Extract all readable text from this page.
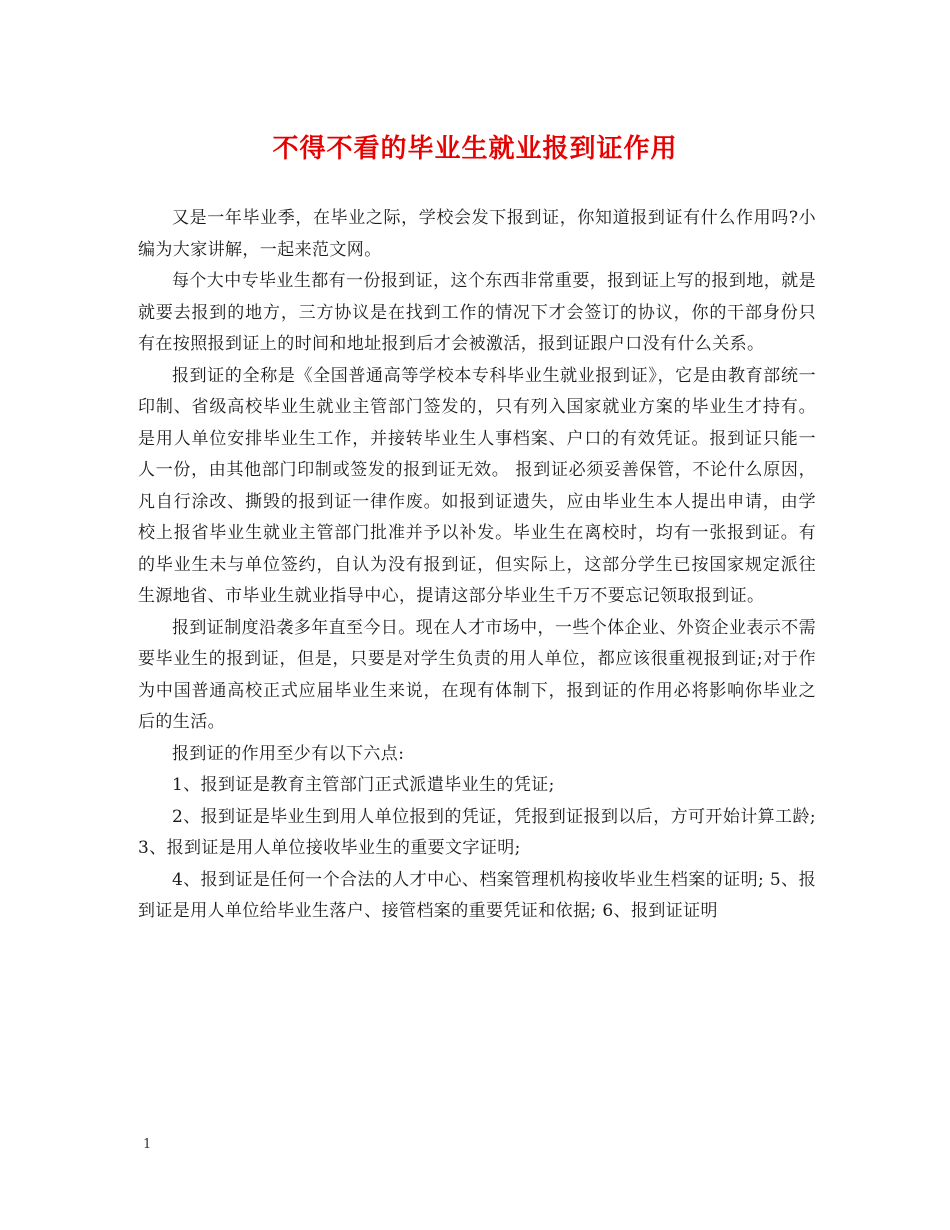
不得不看的毕业生就业报到证作用

又是一年毕业季，在毕业之际，学校会发下报到证，你知道报到证有什么作用吗?小编为大家讲解，一起来范文网。

每个大中专毕业生都有一份报到证，这个东西非常重要，报到证上写的报到地，就是就要去报到的地方，三方协议是在找到工作的情况下才会签订的协议，你的干部身份只有在按照报到证上的时间和地址报到后才会被激活，报到证跟户口没有什么关系。

报到证的全称是《全国普通高等学校本专科毕业生就业报到证》，它是由教育部统一印制、省级高校毕业生就业主管部门签发的，只有列入国家就业方案的毕业生才持有。是用人单位安排毕业生工作，并接转毕业生人事档案、户口的有效凭证。报到证只能一人一份，由其他部门印制或签发的报到证无效。 报到证必须妥善保管，不论什么原因，凡自行涂改、撕毁的报到证一律作废。如报到证遗失，应由毕业生本人提出申请，由学校上报省毕业生就业主管部门批准并予以补发。毕业生在离校时，均有一张报到证。有的毕业生未与单位签约，自认为没有报到证，但实际上，这部分学生已按国家规定派往生源地省、市毕业生就业指导中心，提请这部分毕业生千万不要忘记领取报到证。

报到证制度沿袭多年直至今日。现在人才市场中，一些个体企业、外资企业表示不需要毕业生的报到证，但是，只要是对学生负责的用人单位，都应该很重视报到证;对于作为中国普通高校正式应届毕业生来说，在现有体制下，报到证的作用必将影响你毕业之后的生活。

报到证的作用至少有以下六点:

1、报到证是教育主管部门正式派遣毕业生的凭证;

2、报到证是毕业生到用人单位报到的凭证，凭报到证报到以后，方可开始计算工龄; 3、报到证是用人单位接收毕业生的重要文字证明;

4、报到证是任何一个合法的人才中心、档案管理机构接收毕业生档案的证明; 5、报到证是用人单位给毕业生落户、接管档案的重要凭证和依据; 6、报到证证明

1
